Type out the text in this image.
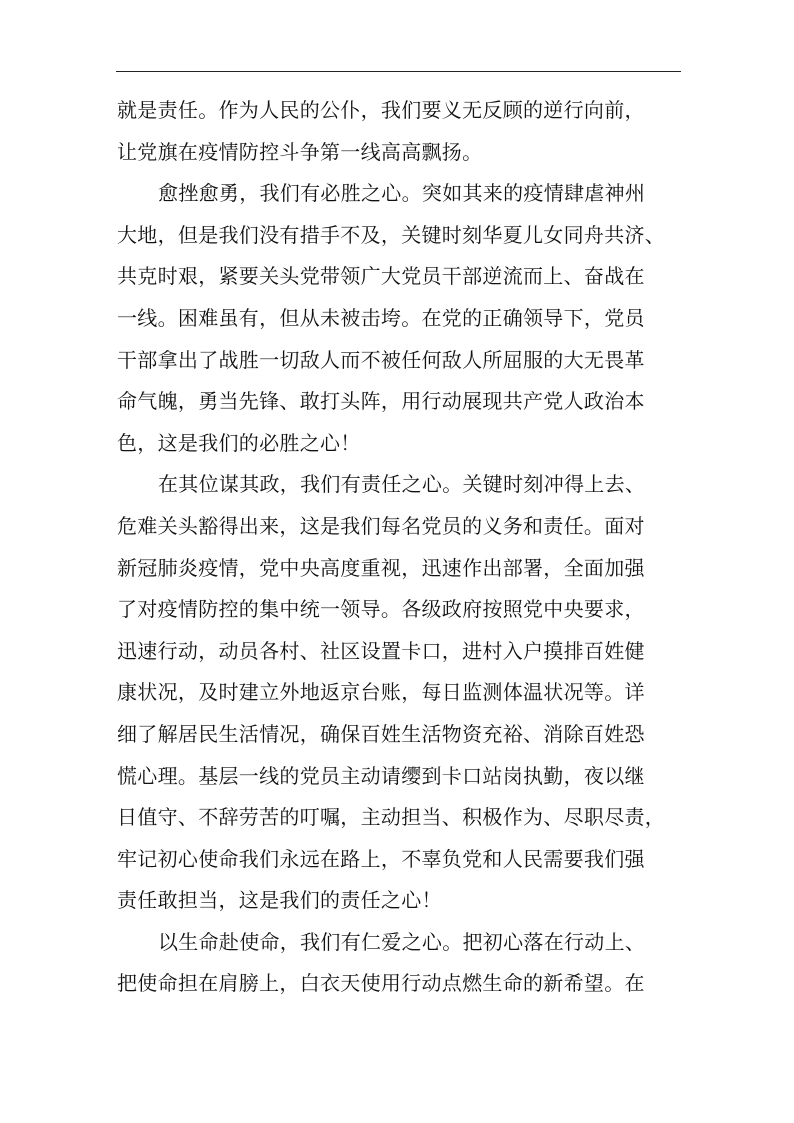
就是责任。作为人民的公仆，我们要义无反顾的逆行向前，
让党旗在疫情防控斗争第一线高高飘扬。
愈挫愈勇，我们有必胜之心。突如其来的疫情肆虐神州
大地，但是我们没有措手不及，关键时刻华夏儿女同舟共济、
共克时艰，紧要关头党带领广大党员干部逆流而上、奋战在
一线。困难虽有，但从未被击垮。在党的正确领导下，党员
干部拿出了战胜一切敌人而不被任何敌人所屈服的大无畏革
命气魄，勇当先锋、敢打头阵，用行动展现共产党人政治本
色，这是我们的必胜之心！
在其位谋其政，我们有责任之心。关键时刻冲得上去、
危难关头豁得出来，这是我们每名党员的义务和责任。面对
新冠肺炎疫情，党中央高度重视，迅速作出部署，全面加强
了对疫情防控的集中统一领导。各级政府按照党中央要求，
迅速行动，动员各村、社区设置卡口，进村入户摸排百姓健
康状况，及时建立外地返京台账，每日监测体温状况等。详
细了解居民生活情况，确保百姓生活物资充裕、消除百姓恐
慌心理。基层一线的党员主动请缨到卡口站岗执勤，夜以继
日值守、不辞劳苦的叮嘱，主动担当、积极作为、尽职尽责，
牢记初心使命我们永远在路上，不辜负党和人民需要我们强
责任敢担当，这是我们的责任之心！
以生命赴使命，我们有仁爱之心。把初心落在行动上、
把使命担在肩膀上，白衣天使用行动点燃生命的新希望。在
